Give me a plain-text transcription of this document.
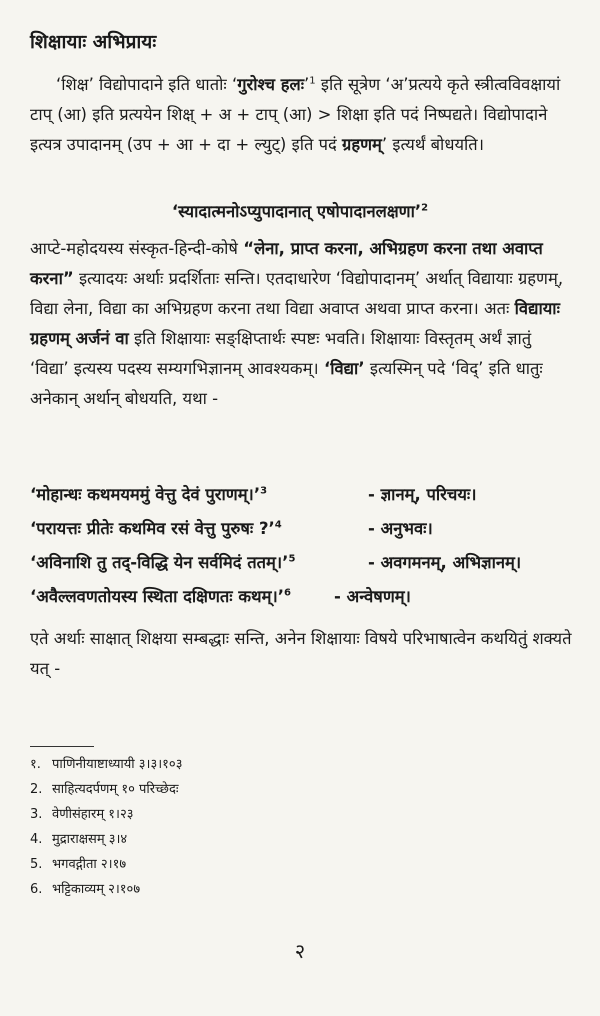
शिक्षायाः अभिप्रायः
‘शिक्ष’ विद्योपादाने इति धातोः ‘गुरोश्च हलः’$^1$ इति सूत्रेण ‘अ’प्रत्यये कृते स्त्रीत्वविवक्षायां टाप् (आ) इति प्रत्ययेन शिक्ष् + अ + टाप् (आ) > शिक्षा इति पदं निष्पद्यते। विद्योपादाने इत्यत्र उपादानम् (उप + आ + दा + ल्युट्) इति पदं ग्रहणम्’ इत्यर्थं बोधयति।
‘स्यादात्मनोऽप्युपादानात् एषोपादानलक्षणा’$^2$
आप्टे-महोदयस्य संस्कृत-हिन्दी-कोषे “लेना, प्राप्त करना, अभिग्रहण करना तथा अवाप्त करना” इत्यादयः अर्थाः प्रदर्शिताः सन्ति। एतदाधारेण ‘विद्योपादानम्’ अर्थात् विद्यायाः ग्रहणम्, विद्या लेना, विद्या का अभिग्रहण करना तथा विद्या अवाप्त अथवा प्राप्त करना। अतः विद्यायाः ग्रहणम् अर्जनं वा इति शिक्षायाः सङ्क्षिप्तार्थः स्पष्टः भवति। शिक्षायाः विस्तृतम् अर्थं ज्ञातुं ‘विद्या’ इत्यस्य पदस्य सम्यगभिज्ञानम् आवश्यकम्। ‘विद्या’ इत्यस्मिन् पदे ‘विद्’ इति धातुः अनेकान् अर्थान् बोधयति, यथा -
‘मोहान्धः कथमयममुं वेत्तु देवं पुराणम्।’$^3$	- ज्ञानम्, परिचयः।
‘परायत्तः प्रीतेः कथमिव रसं वेत्तु पुरुषः ?’$^4$	- अनुभवः।
‘अविनाशि तु तद्-विद्धि येन सर्वमिदं ततम्।’$^5$	- अवगमनम्, अभिज्ञानम्।
‘अवैल्लवणतोयस्य स्थिता दक्षिणतः कथम्।’$^6$	- अन्वेषणम्।
एते अर्थाः साक्षात् शिक्षया सम्बद्धाः सन्ति, अनेन शिक्षायाः विषये परिभाषात्वेन कथयितुं शक्यते यत् -
१. पाणिनीयाष्टाध्यायी ३।३।१०३
2. साहित्यदर्पणम् १० परिच्छेदः
3. वेणीसंहारम् १।२३
4. मुद्राराक्षसम् ३।४
5. भगवद्गीता २।१७
6. भट्टिकाव्यम् २।१०७
२
